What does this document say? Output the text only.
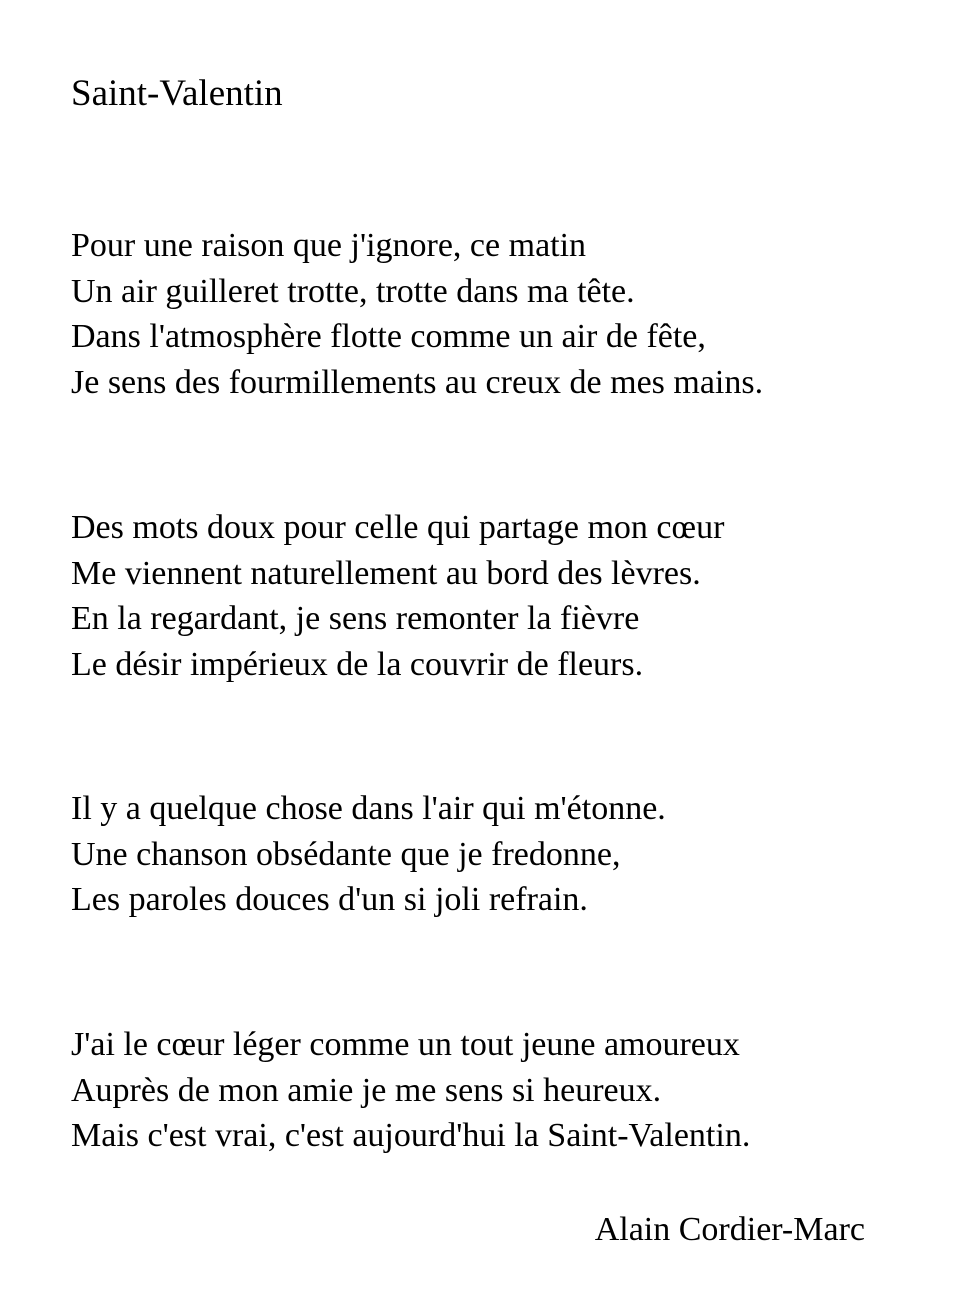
Saint-Valentin
Pour une raison que j'ignore, ce matin
Un air guilleret trotte, trotte dans ma tête.
Dans l'atmosphère flotte comme un air de fête,
Je sens des fourmillements au creux de mes mains.
Des mots doux pour celle qui partage mon cœur
Me viennent naturellement au bord des lèvres.
En la regardant, je sens remonter la fièvre
Le désir impérieux de la couvrir de fleurs.
Il y a quelque chose dans l'air qui m'étonne.
Une chanson obsédante que je fredonne,
Les paroles douces d'un si joli refrain.
J'ai le cœur léger comme un tout jeune amoureux
Auprès de mon amie je me sens si heureux.
Mais c'est vrai, c'est aujourd'hui la Saint-Valentin.
Alain Cordier-Marc
